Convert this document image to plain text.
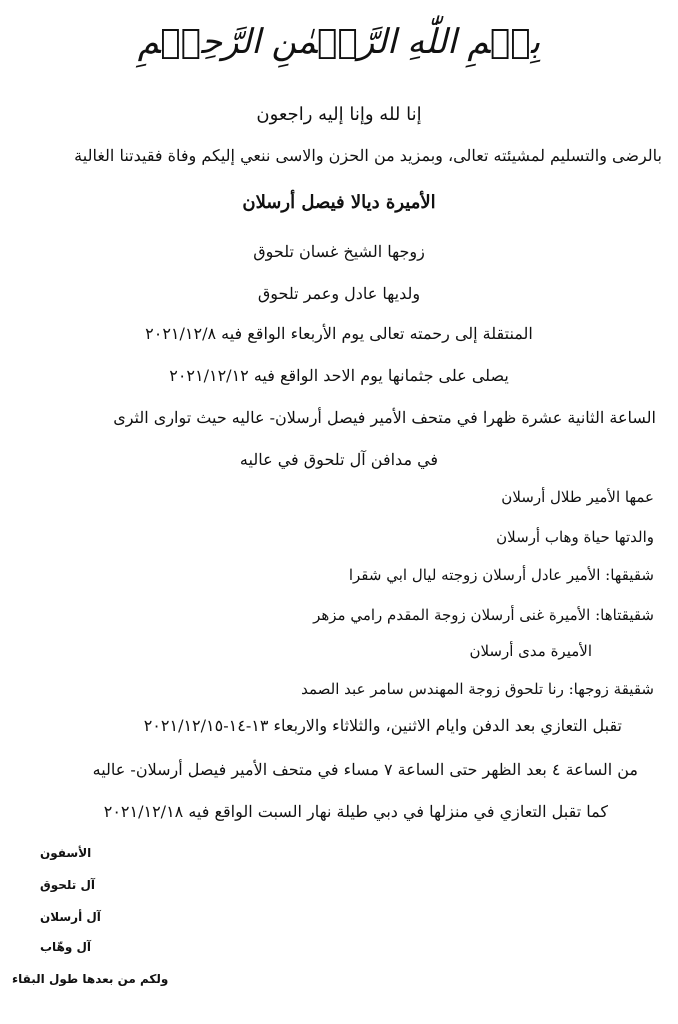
بِسۡمِ اللّٰهِ الرَّحۡمٰنِ الرَّحِيۡمِ
إنا لله وإنا إليه راجعون
بالرضى والتسليم لمشيئته تعالى، وبمزيد من الحزن والاسى ننعي إليكم وفاة فقيدتنا الغالية
الأميرة ديالا فيصل أرسلان
زوجها الشيخ غسان تلحوق
ولديها عادل وعمر تلحوق
المنتقلة إلى رحمته تعالى يوم الأربعاء الواقع فيه ٢٠٢١/١٢/٨
يصلى على جثمانها يوم الاحد الواقع فيه ٢٠٢١/١٢/١٢
الساعة الثانية عشرة ظهرا في متحف الأمير فيصل أرسلان- عاليه حيث توارى الثرى
في مدافن آل تلحوق في عاليه
عمها الأمير طلال أرسلان
والدتها حياة وهاب أرسلان
شقيقها: الأمير عادل أرسلان زوجته ليال ابي شقرا
شقيقتاها: الأميرة غنى أرسلان زوجة المقدم رامي مزهر
الأميرة مدى أرسلان
شقيقة زوجها: رنا تلحوق زوجة المهندس سامر عبد الصمد
تقبل التعازي بعد الدفن وايام الاثنين، والثلاثاء والاربعاء ١٣-١٤-٢٠٢١/١٢/١٥
من الساعة ٤ بعد الظهر حتى الساعة ٧ مساء في متحف الأمير فيصل أرسلان- عاليه
كما تقبل التعازي في منزلها في دبي طيلة نهار السبت الواقع فيه ٢٠٢١/١٢/١٨
الأسفون
آل تلحوق
آل أرسلان
آل وهّاب
ولكم من بعدها طول البقاء
